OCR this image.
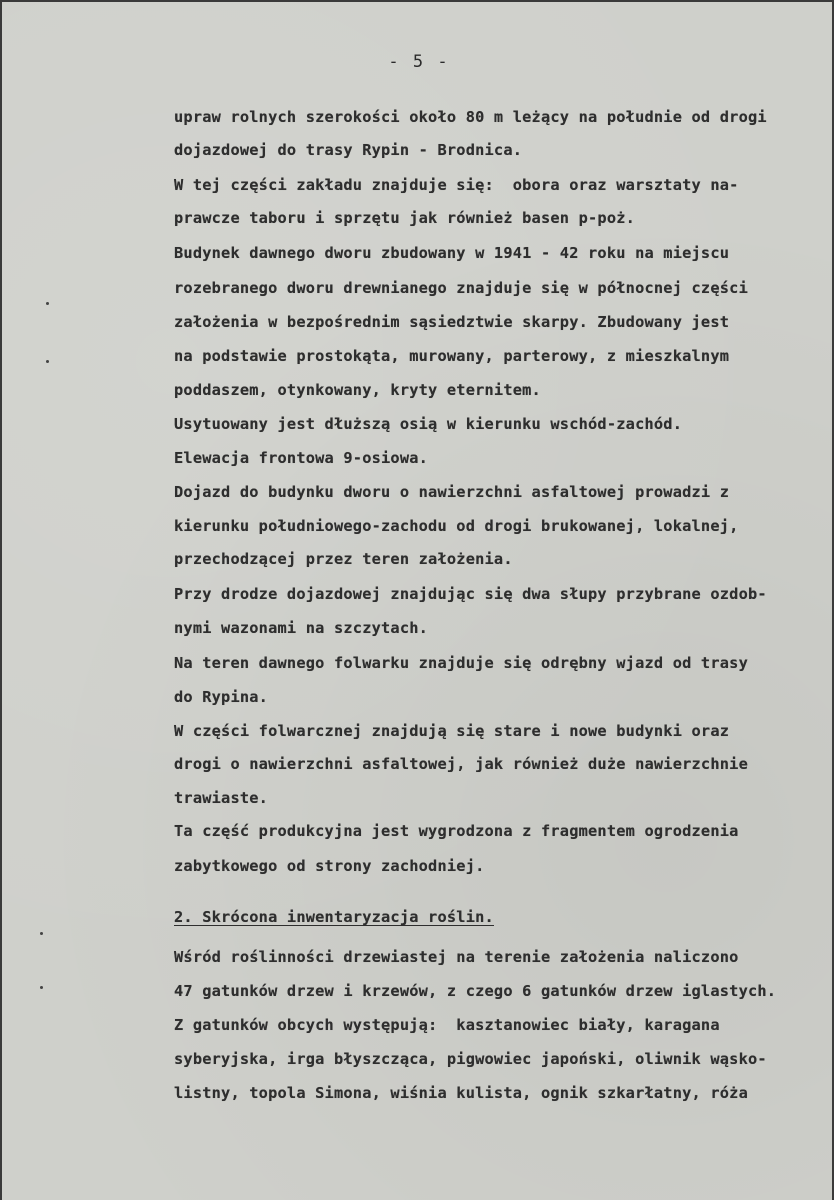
- 5 -
upraw rolnych szerokości około 80 m leżący na południe od drogi
dojazdowej do trasy Rypin - Brodnica.
W tej części zakładu znajduje się:  obora oraz warsztaty na-
prawcze taboru i sprzętu jak również basen p-poż.
Budynek dawnego dworu zbudowany w 1941 - 42 roku na miejscu
rozebranego dworu drewnianego znajduje się w północnej części
założenia w bezpośrednim sąsiedztwie skarpy. Zbudowany jest
na podstawie prostokąta, murowany, parterowy, z mieszkalnym
poddaszem, otynkowany, kryty eternitem.
Usytuowany jest dłuższą osią w kierunku wschód-zachód.
Elewacja frontowa 9-osiowa.
Dojazd do budynku dworu o nawierzchni asfaltowej prowadzi z
kierunku południowego-zachodu od drogi brukowanej, lokalnej,
przechodzącej przez teren założenia.
Przy drodze dojazdowej znajdując się dwa słupy przybrane ozdob-
nymi wazonami na szczytach.
Na teren dawnego folwarku znajduje się odrębny wjazd od trasy
do Rypina.
W części folwarcznej znajdują się stare i nowe budynki oraz
drogi o nawierzchni asfaltowej, jak również duże nawierzchnie
trawiaste.
Ta część produkcyjna jest wygrodzona z fragmentem ogrodzenia
zabytkowego od strony zachodniej.
2. Skrócona inwentaryzacja roślin.
Wśród roślinności drzewiastej na terenie założenia naliczono
47 gatunków drzew i krzewów, z czego 6 gatunków drzew iglastych.
Z gatunków obcych występują:  kasztanowiec biały, karagana
syberyjska, irga błyszcząca, pigwowiec japoński, oliwnik wąsko-
listny, topola Simona, wiśnia kulista, ognik szkarłatny, róża
